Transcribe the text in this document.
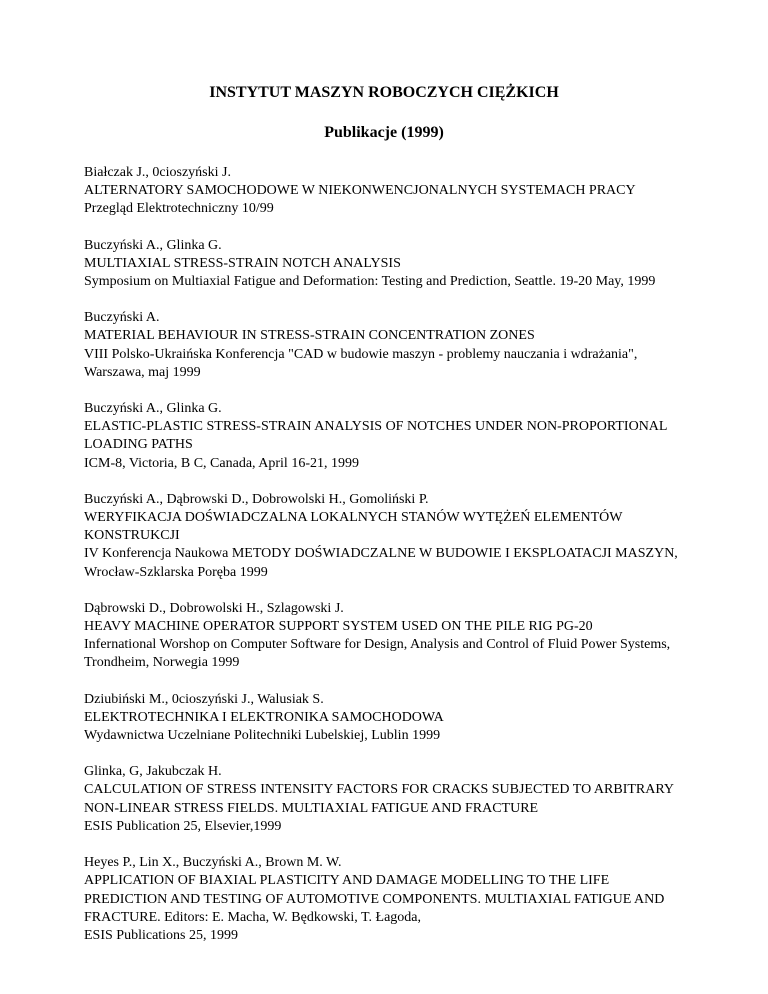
INSTYTUT MASZYN ROBOCZYCH CIĘŻKICH
Publikacje (1999)
Białczak J., 0cioszyński J.
ALTERNATORY SAMOCHODOWE W NIEKONWENCJONALNYCH SYSTEMACH PRACY
Przegląd Elektrotechniczny 10/99
Buczyński A., Glinka G.
MULTIAXIAL STRESS-STRAIN NOTCH ANALYSIS
Symposium on Multiaxial Fatigue and Deformation: Testing and Prediction, Seattle. 19-20 May, 1999
Buczyński A.
MATERIAL BEHAVIOUR IN STRESS-STRAIN CONCENTRATION ZONES
VIII Polsko-Ukraińska Konferencja "CAD w budowie maszyn - problemy nauczania i wdrażania", Warszawa, maj 1999
Buczyński A., Glinka G.
ELASTIC-PLASTIC STRESS-STRAIN ANALYSIS OF NOTCHES UNDER NON-PROPORTIONAL LOADING PATHS
ICM-8, Victoria, B C, Canada, April 16-21, 1999
Buczyński A., Dąbrowski D., Dobrowolski H., Gomoliński P.
WERYFIKACJA DOŚWIADCZALNA LOKALNYCH STANÓW WYTĘŻEŃ ELEMENTÓW KONSTRUKCJI
IV Konferencja Naukowa METODY DOŚWIADCZALNE W BUDOWIE I EKSPLOATACJI MASZYN, Wrocław-Szklarska Poręba 1999
Dąbrowski D., Dobrowolski H., Szlagowski J.
HEAVY MACHINE OPERATOR SUPPORT SYSTEM USED ON THE PILE RIG PG-20
Infernational Worshop on Computer Software for Design, Analysis and Control of Fluid Power Systems, Trondheim, Norwegia 1999
Dziubiński M., 0cioszyński J., Walusiak S.
ELEKTROTECHNIKA I ELEKTRONIKA SAMOCHODOWA
Wydawnictwa Uczelniane Politechniki Lubelskiej, Lublin 1999
Glinka, G, Jakubczak H.
CALCULATION OF STRESS INTENSITY FACTORS FOR CRACKS SUBJECTED TO ARBITRARY NON-LINEAR STRESS FIELDS. MULTIAXIAL FATIGUE AND FRACTURE
ESIS Publication 25, Elsevier,1999
Heyes P., Lin X., Buczyński A., Brown M. W.
APPLICATION OF BIAXIAL PLASTICITY AND DAMAGE MODELLING TO THE LIFE PREDICTION AND TESTING OF AUTOMOTIVE COMPONENTS. MULTIAXIAL FATIGUE AND FRACTURE. Editors: E. Macha, W. Będkowski, T. Łagoda,
ESIS Publications 25, 1999
